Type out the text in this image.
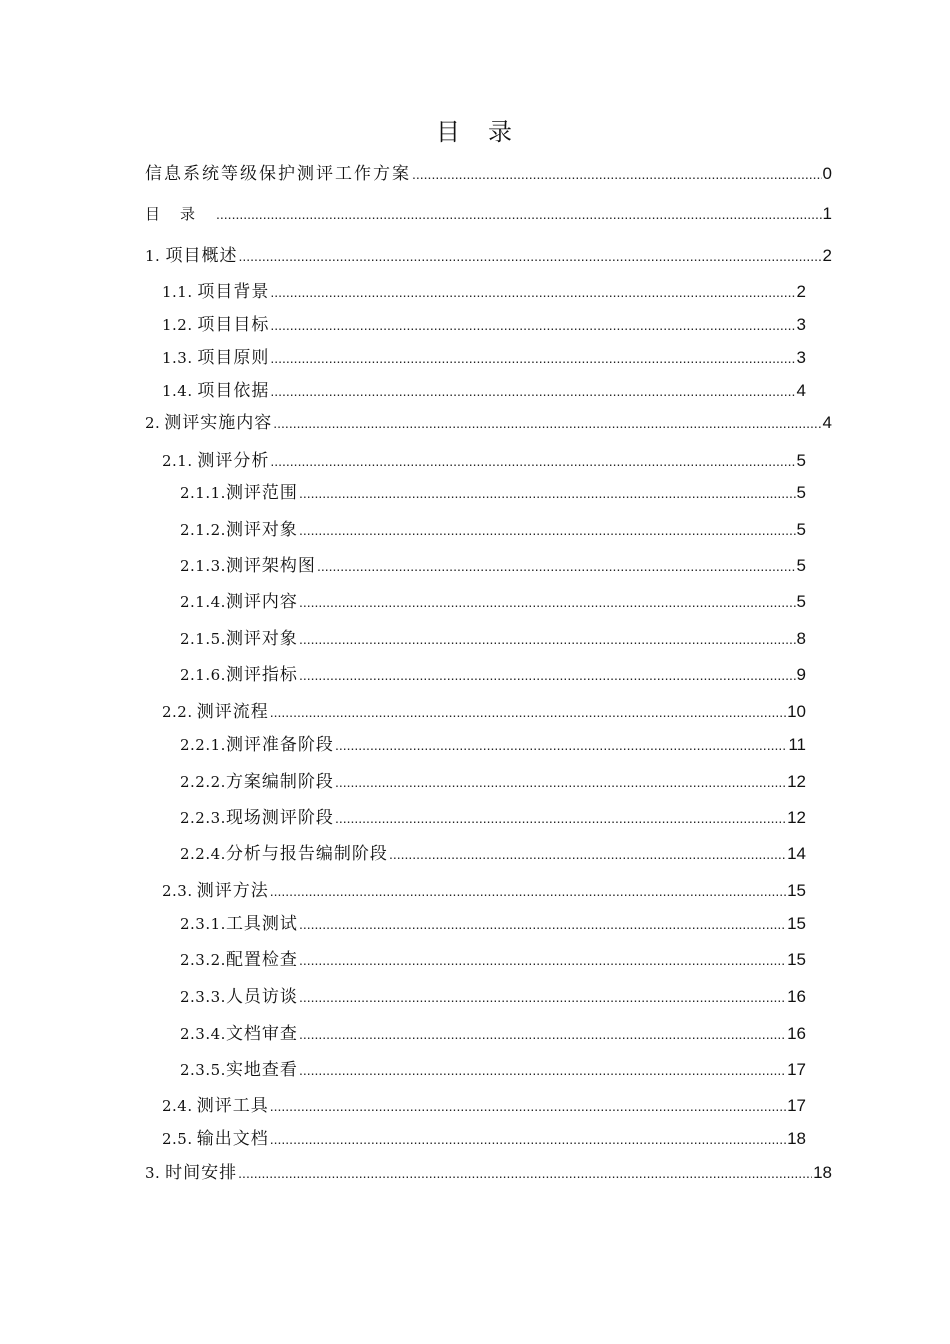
目 录
信息系统等级保护测评工作方案 .....	0
目录 .....	1
1. 项目概述 .....	2
1.1. 项目背景 .....	2
1.2. 项目目标 .....	3
1.3. 项目原则 .....	3
1.4. 项目依据 .....	4
2. 测评实施内容 .....	4
2.1. 测评分析 .....	5
2.1.1. 测评范围 .....	5
2.1.2. 测评对象 .....	5
2.1.3. 测评架构图 .....	5
2.1.4. 测评内容 .....	5
2.1.5. 测评对象 .....	8
2.1.6. 测评指标 .....	9
2.2. 测评流程 .....	10
2.2.1. 测评准备阶段 .....	11
2.2.2. 方案编制阶段 .....	12
2.2.3. 现场测评阶段 .....	12
2.2.4. 分析与报告编制阶段 .....	14
2.3. 测评方法 .....	15
2.3.1. 工具测试 .....	15
2.3.2. 配置检查 .....	15
2.3.3. 人员访谈 .....	16
2.3.4. 文档审查 .....	16
2.3.5. 实地查看 .....	17
2.4. 测评工具 .....	17
2.5. 输出文档 .....	18
3. 时间安排 .....	18
